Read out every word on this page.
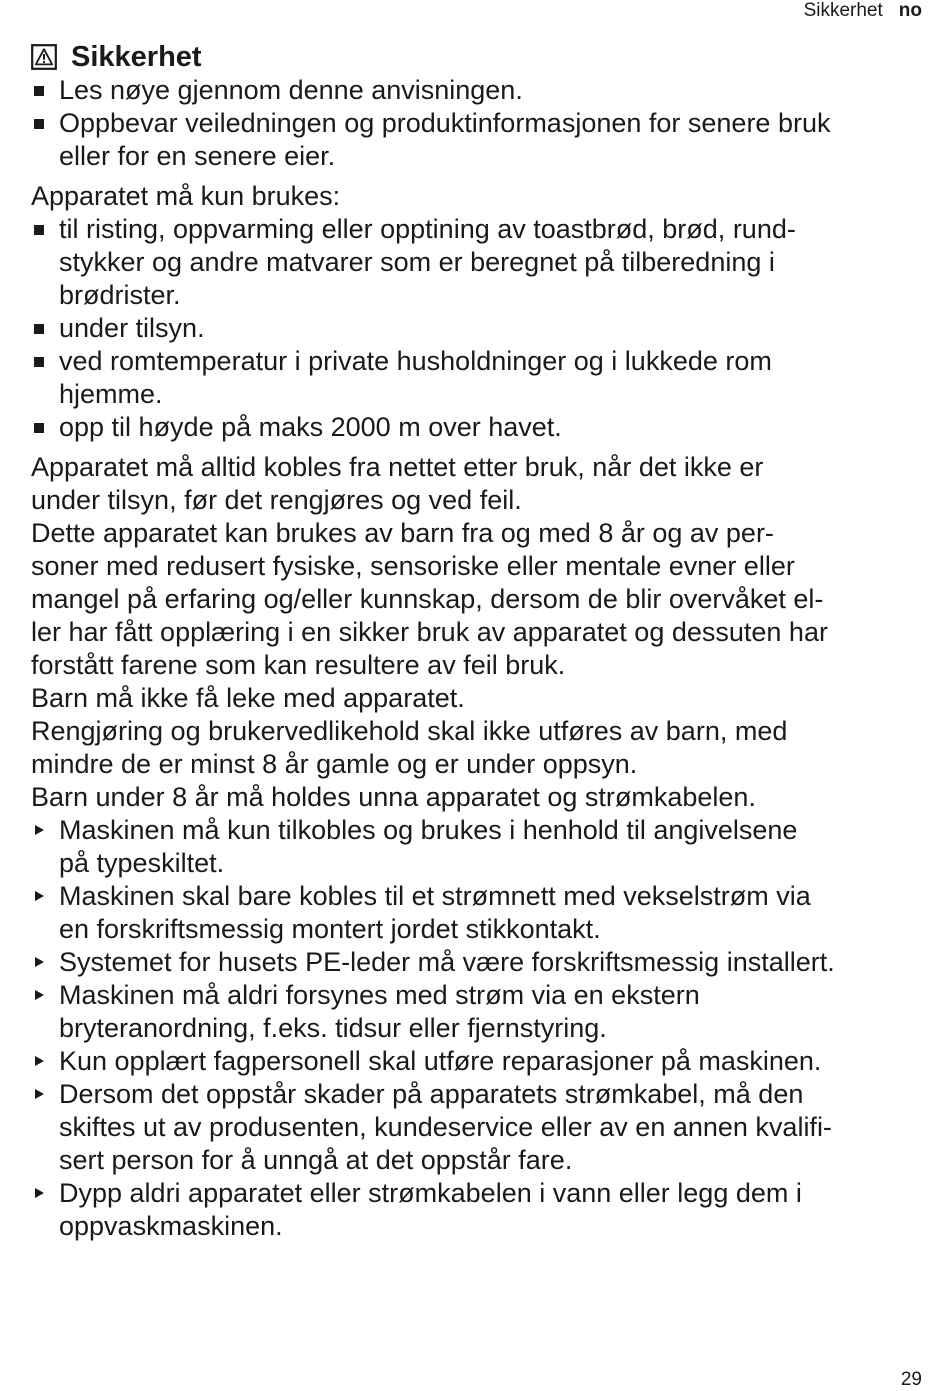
Sikkerhet no
Sikkerhet
Les nøye gjennom denne anvisningen.
Oppbevar veiledningen og produktinformasjonen for senere bruk
eller for en senere eier.
Apparatet må kun brukes:
til risting, oppvarming eller opptining av toastbrød, brød, rund-
stykker og andre matvarer som er beregnet på tilberedning i
brødrister.
under tilsyn.
ved romtemperatur i private husholdninger og i lukkede rom
hjemme.
opp til høyde på maks 2000 m over havet.
Apparatet må alltid kobles fra nettet etter bruk, når det ikke er
under tilsyn, før det rengjøres og ved feil.
Dette apparatet kan brukes av barn fra og med 8 år og av per-
soner med redusert fysiske, sensoriske eller mentale evner eller
mangel på erfaring og/eller kunnskap, dersom de blir overvåket el-
ler har fått opplæring i en sikker bruk av apparatet og dessuten har
forstått farene som kan resultere av feil bruk.
Barn må ikke få leke med apparatet.
Rengjøring og brukervedlikehold skal ikke utføres av barn, med
mindre de er minst 8 år gamle og er under oppsyn.
Barn under 8 år må holdes unna apparatet og strømkabelen.
Maskinen må kun tilkobles og brukes i henhold til angivelsene
på typeskiltet.
Maskinen skal bare kobles til et strømnett med vekselstrøm via
en forskriftsmessig montert jordet stikkontakt.
Systemet for husets PE-leder må være forskriftsmessig installert.
Maskinen må aldri forsynes med strøm via en ekstern
bryteranordning, f.eks. tidsur eller fjernstyring.
Kun opplært fagpersonell skal utføre reparasjoner på maskinen.
Dersom det oppstår skader på apparatets strømkabel, må den
skiftes ut av produsenten, kundeservice eller av en annen kvalifi-
sert person for å unngå at det oppstår fare.
Dypp aldri apparatet eller strømkabelen i vann eller legg dem i
oppvaskmaskinen.
29
